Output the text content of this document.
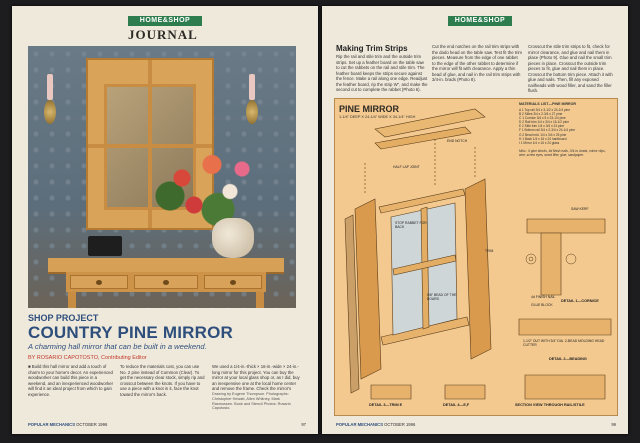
HOME&SHOP
JOURNAL
SHOP PROJECT
COUNTRY PINE MIRROR
A charming hall mirror that can be built in a weekend.
BY ROSARIO CAPOTOSTO, Contributing Editor
■ Build this hall mirror and add a touch of charm to your home's decor. An experienced woodworker can build this piece in a weekend, and an inexperienced woodworker will find it an ideal project from which to gain experience.
To reduce the materials cost, you can use No. 2 pine instead of Common (Clear). To get the necessary clear stock, simply rip and crosscut between the knots. If you have to use a piece with a knot in it, face the knot toward the mirror's back.
We used a 1/4-in.-thick × 16-in.-wide × 24-in.-long mirror for this project. You can buy the mirror at your local glass shop or, as I did, buy an inexpensive one at the local home center and remove the frame. Check the mirror's
Drawing by Eugene Thompson. Photographs: Christopher Hewatt, Allen Whitney, Mark Rasmussen. Book and Stencil Photos: Rosario Capotosto.
POPULAR MECHANICS OCTOBER 1996	97
HOME&SHOP
Making Trim Strips
Rip the rail and stile trim and the outside trim strips. Set up a feather board on the table saw to cut the rabbets on the rail and stile trim. The feather board keeps the strips secure against the fence. Make a rail along one edge. Readjust the feather board, rip the strip W", and make the second cut to complete the rabbet (Photo 6).
Cut the end notches on the rail trim strips with the dado head on the table saw. Test fit the trim pieces. Measure from the edge of one rabbet to the edge of the other rabbet to determine if the mirror will fit with clearance. Apply a thin bead of glue, and nail in the rail trim strips with 3/4-in. brads (Photo 8).
Crosscut the stile trim strips to fit, check for mirror clearance, and glue and nail them in place (Photo 9). Glue and nail the small trim pieces in place. Crosscut the outside trim pieces to fit, glue and nail them in place. Crosscut the bottom trim piece. Attach it with glue and nails. Then, fill any exposed nailheads with wood filler, and sand the filler flush.
PINE MIRROR
1-1/4" DEEP X 24-1/4" WIDE X 34-1/4" HIGH
MATERIALS LIST—PINE MIRROR
A 1 Top rail 3/4 x 3-1/2 x 24-1/4 pine
B 2 Stiles 3/4 x 2-3/4 x 27 pine
C 1 Cornice 3/4 x 5 x 23-1/4 pine
D 2 Rail trim 1/4 x 3/4 x 16-1/2 pine
E 2 Stile trim 1/4 x 3/4 x 24 pine
F 1 Bottom rail 3/4 x 2-3/4 x 24-1/4 pine
G 2 Bead mld. 1/4 x 3/4 x 25 pine
H 1 Back 1/4 x 16 x 24 hardboard
I 1 Mirror 1/4 x 16 x 24 glass
Misc.: 6 glue blocks, 4d finish nails, 3/4-in. brads, mirror clips, wire, screw eyes, wood filler, glue, sandpaper.
END NOTCH
HALF LAP JOINT
STOP RABBET FOR BACK
5/8" BEAD OF THE BOARD
TRIM
SAW KERF
4d FINISH NAIL
GLUE BLOCK
1-1/2" OUT WITH 3/4" DIA. 2-BEAD MOLDING HEAD CUTTER
DETAIL 1—CORNICE
DETAIL 2—BEADING
DETAIL 3—TRIM E	DETAIL 4—E,F	SECTION VIEW THROUGH RAIL/STILE
POPULAR MECHANICS OCTOBER 1996	99
